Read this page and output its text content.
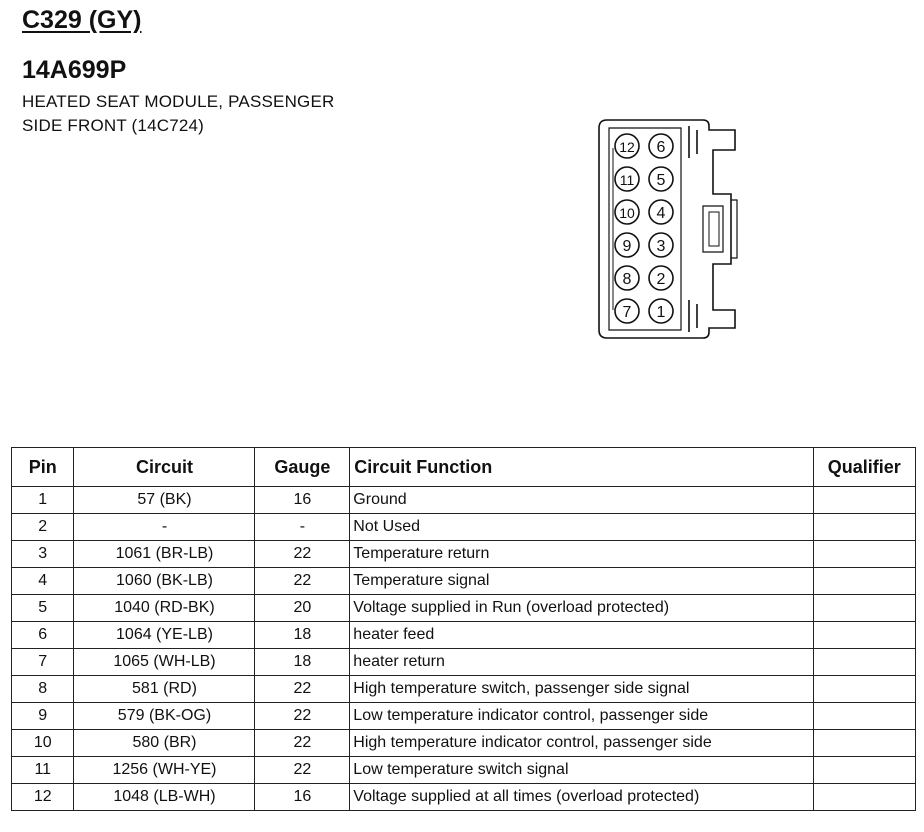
C329 (GY)
14A699P

HEATED SEAT MODULE, PASSENGER

SIDE FRONT (14C724)

12 6
11 5
10 4
9 3
8 2
7 1
Pin	Circuit	Gauge	Circuit Function	Qualifier
1	57 (BK)	16	Ground	
2	-	-	Not Used	
3	1061 (BR-LB)	22	Temperature return	
4	1060 (BK-LB)	22	Temperature signal	
5	1040 (RD-BK)	20	Voltage supplied in Run (overload protected)	
6	1064 (YE-LB)	18	heater feed	
7	1065 (WH-LB)	18	heater return	
8	581 (RD)	22	High temperature switch, passenger side signal	
9	579 (BK-OG)	22	Low temperature indicator control, passenger side	
10	580 (BR)	22	High temperature indicator control, passenger side	
11	1256 (WH-YE)	22	Low temperature switch signal	
12	1048 (LB-WH)	16	Voltage supplied at all times (overload protected)	
